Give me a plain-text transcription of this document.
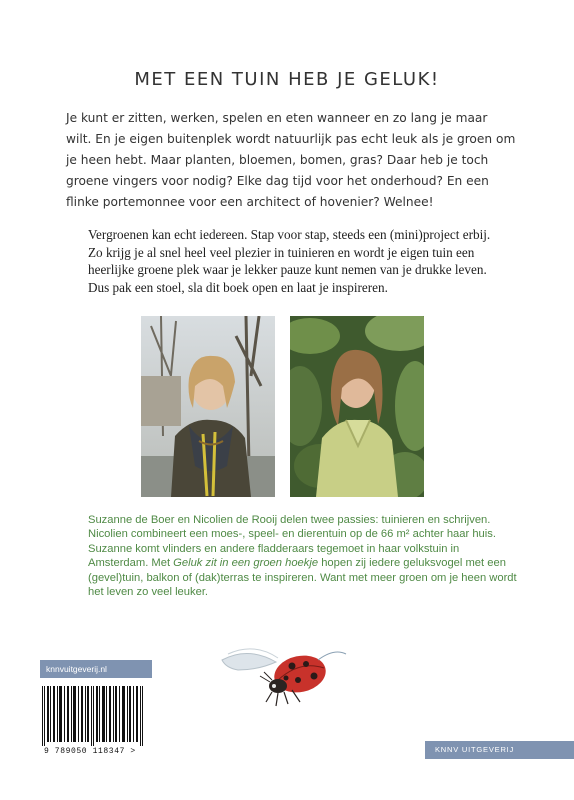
MET EEN TUIN HEB JE GELUK!

Je kunt er zitten, werken, spelen en eten wanneer en zo lang je maar wilt. En je eigen buitenplek wordt natuurlijk pas echt leuk als je groen om je heen hebt. Maar planten, bloemen, bomen, gras? Daar heb je toch groene vingers voor nodig? Elke dag tijd voor het onderhoud? En een flinke portemonnee voor een architect of hovenier? Welnee!

Vergroenen kan echt iedereen. Stap voor stap, steeds een (mini)project erbij. Zo krijg je al snel heel veel plezier in tuinieren en wordt je eigen tuin een heerlijke groene plek waar je lekker pauze kunt nemen van je drukke leven. Dus pak een stoel, sla dit boek open en laat je inspireren.

Suzanne de Boer en Nicolien de Rooij delen twee passies: tuinieren en schrijven. Nicolien combineert een moes-, speel- en dierentuin op de 66 m² achter haar huis. Suzanne komt vlinders en andere fladderaars tegemoet in haar volkstuin in Amsterdam. Met Geluk zit in een groen hoekje hopen zij iedere geluksvogel met een (gevel)tuin, balkon of (dak)terras te inspireren. Want met meer groen om je heen wordt het leven zo veel leuker.

knnvuitgeverij.nl
9 789050 118347 >	KNNV UITGEVERIJ
